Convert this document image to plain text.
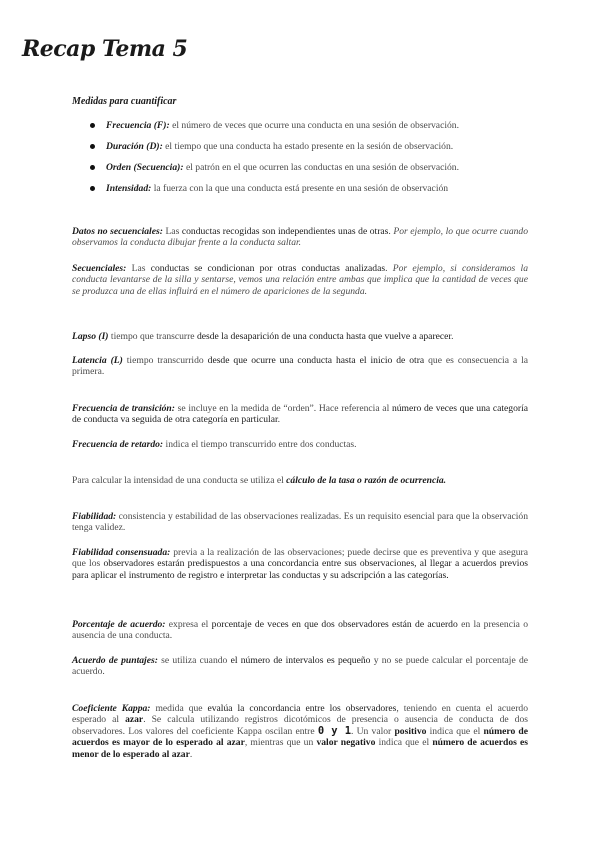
Recap Tema 5
Medidas para cuantificar
Frecuencia (F): el número de veces que ocurre una conducta en una sesión de observación.
Duración (D): el tiempo que una conducta ha estado presente en la sesión de observación.
Orden (Secuencia): el patrón en el que ocurren las conductas en una sesión de observación.
Intensidad: la fuerza con la que una conducta está presente en una sesión de observación

Datos no secuenciales: Las conductas recogidas son independientes unas de otras. Por ejemplo, lo que ocurre cuando observamos la conducta dibujar frente a la conducta saltar.

Secuenciales: Las conductas se condicionan por otras conductas analizadas. Por ejemplo, si consideramos la conducta levantarse de la silla y sentarse, vemos una relación entre ambas que implica que la cantidad de veces que se produzca una de ellas influirá en el número de apariciones de la segunda.

Lapso (I) tiempo que transcurre desde la desaparición de una conducta hasta que vuelve a aparecer.

Latencia (L) tiempo transcurrido desde que ocurre una conducta hasta el inicio de otra que es consecuencia a la primera.

Frecuencia de transición: se incluye en la medida de “orden”. Hace referencia al número de veces que una categoría de conducta va seguida de otra categoría en particular.

Frecuencia de retardo: indica el tiempo transcurrido entre dos conductas.

Para calcular la intensidad de una conducta se utiliza el cálculo de la tasa o razón de ocurrencia.

Fiabilidad: consistencia y estabilidad de las observaciones realizadas. Es un requisito esencial para que la observación tenga validez.

Fiabilidad consensuada: previa a la realización de las observaciones; puede decirse que es preventiva y que asegura que los observadores estarán predispuestos a una concordancia entre sus observaciones, al llegar a acuerdos previos para aplicar el instrumento de registro e interpretar las conductas y su adscripción a las categorías.

Porcentaje de acuerdo: expresa el porcentaje de veces en que dos observadores están de acuerdo en la presencia o ausencia de una conducta.

Acuerdo de puntajes: se utiliza cuando el número de intervalos es pequeño y no se puede calcular el porcentaje de acuerdo.

Coeficiente Kappa: medida que evalúa la concordancia entre los observadores, teniendo en cuenta el acuerdo esperado al azar. Se calcula utilizando registros dicotómicos de presencia o ausencia de conducta de dos observadores. Los valores del coeficiente Kappa oscilan entre 0 y 1. Un valor positivo indica que el número de acuerdos es mayor de lo esperado al azar, mientras que un valor negativo indica que el número de acuerdos es menor de lo esperado al azar.
